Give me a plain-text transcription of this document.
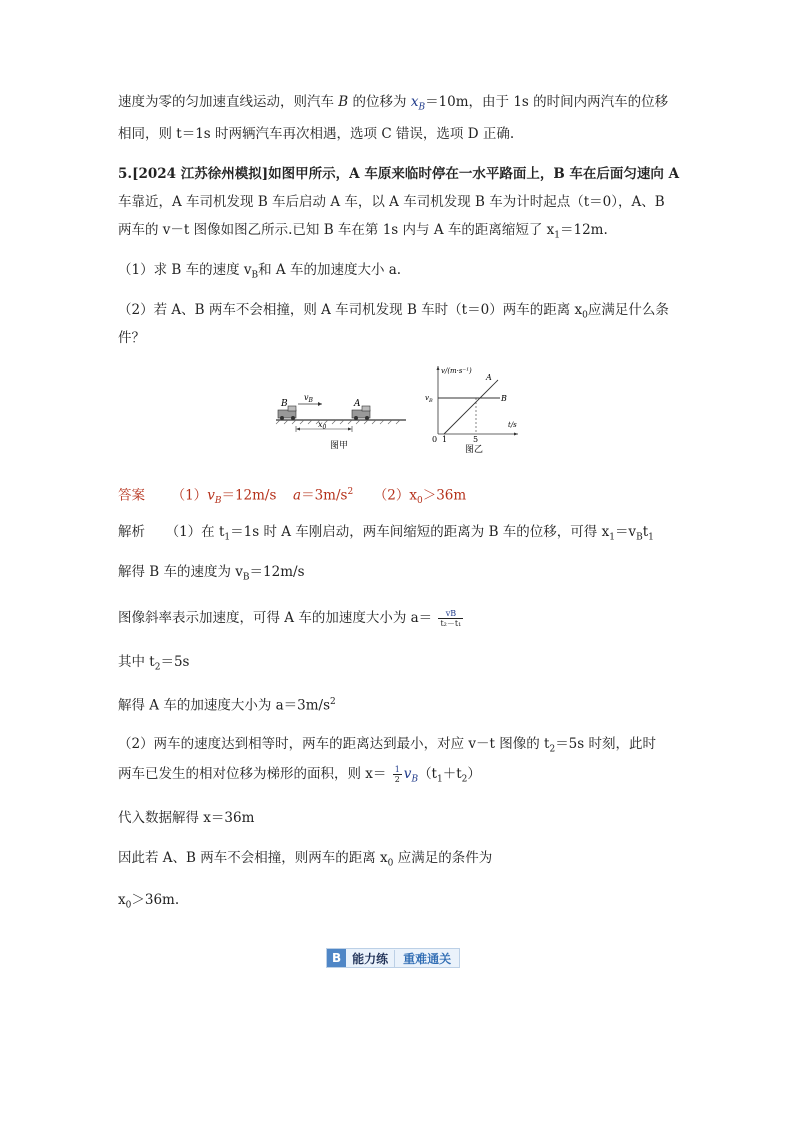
速度为零的匀加速直线运动，则汽车 B 的位移为 $x_B=10m$，由于 1s 的时间内两汽车的位移
相同，则 t＝1s 时两辆汽车再次相遇，选项 C 错误，选项 D 正确.
5.[2024 江苏徐州模拟]如图甲所示，A 车原来临时停在一水平路面上，B 车在后面匀速向 A
车靠近，A 车司机发现 B 车后启动 A 车，以 A 车司机发现 B 车为计时起点（t＝0），A、B
两车的 v－t 图像如图乙所示.已知 B 车在第 1s 内与 A 车的距离缩短了 $x_1=12m$.
（1）求 B 车的速度 $v_B$和 A 车的加速度大小 a.
（2）若 A、B 两车不会相撞，则 A 车司机发现 B 车时（t＝0）两车的距离 $x_0$应满足什么条
件？
B
$v_B$	A
$x_0$
图甲
v/(m·s⁻¹)
t/s
A
B
$v_B$
0 1	5
图乙
答案 $(1)v_B=12m/s$ $a=3m/s^2$ $(2)x_0>36m$
解析 （1）在 $t_1=1s$ 时 A 车刚启动，两车间缩短的距离为 B 车的位移，可得 $x_1=v_Bt_1$
解得 B 车的速度为 $v_B=12m/s$
图像斜率表示加速度，可得 A 车的加速度大小为 $a= \frac{vB}{\text{t₂－t₁}}$
其中 $t_2=5s$
解得 A 车的加速度大小为 $a=3m/s^2$
（2）两车的速度达到相等时，两车的距离达到最小，对应 v－t 图像的 $t_2=5s$ 时刻，此时
两车已发生的相对位移为梯形的面积，则 $x= \frac{1}{2} v_B(t_1+t_2)$
代入数据解得 x＝36m
因此若 A、B 两车不会相撞，则两车的距离 $x_0$ 应满足的条件为
$x_0>36m$.
B 能力练	重难通关
